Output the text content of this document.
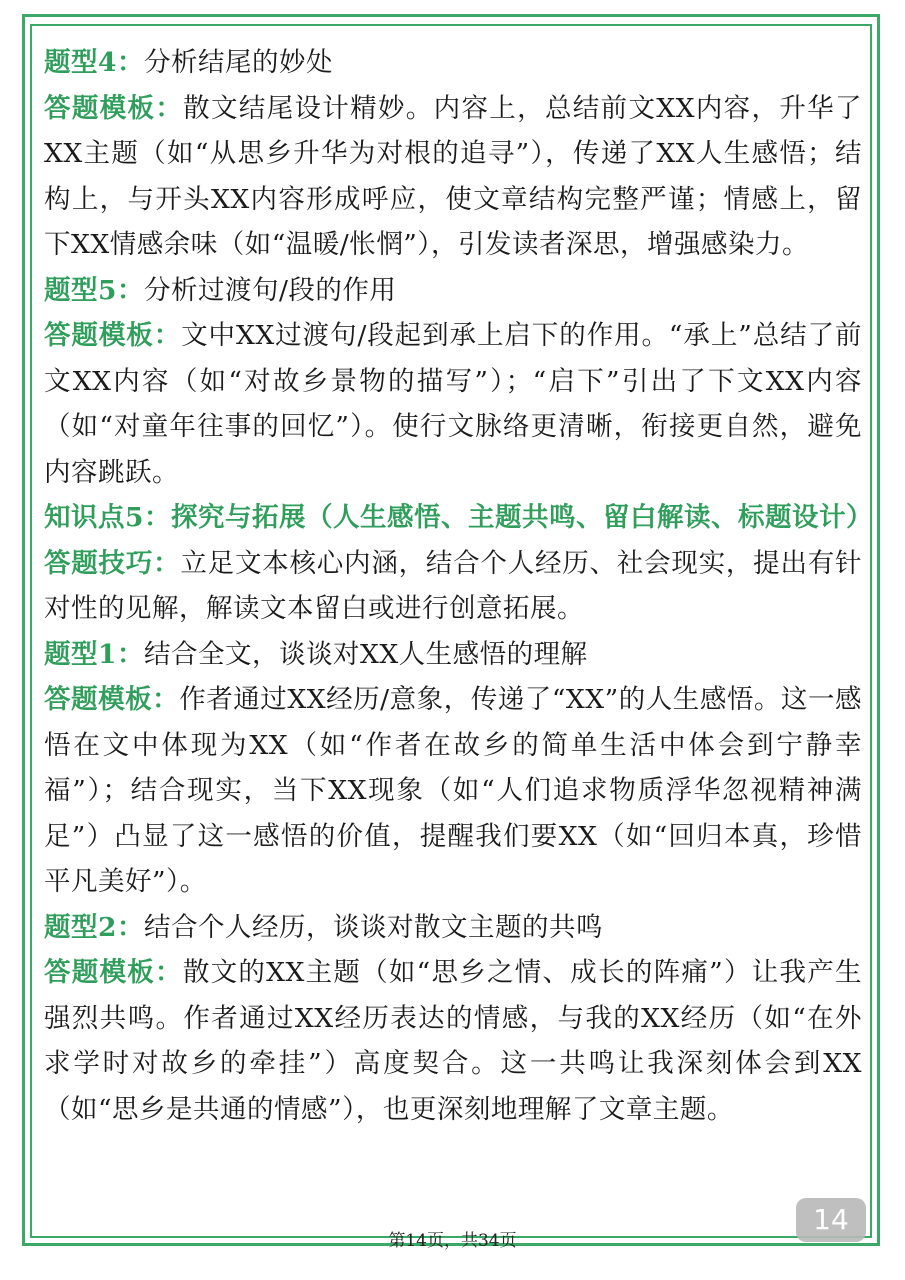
题型4：分析结尾的妙处

答题模板：散文结尾设计精妙。内容上，总结前文XX内容，升华了XX主题（如“从思乡升华为对根的追寻”），传递了XX人生感悟；结构上，与开头XX内容形成呼应，使文章结构完整严谨；情感上，留下XX情感余味（如“温暖/怅惘”），引发读者深思，增强感染力。

题型5：分析过渡句/段的作用

答题模板：文中XX过渡句/段起到承上启下的作用。“承上”总结了前文XX内容（如“对故乡景物的描写”）；“启下”引出了下文XX内容（如“对童年往事的回忆”）。使行文脉络更清晰，衔接更自然，避免内容跳跃。

知识点5：探究与拓展（人生感悟、主题共鸣、留白解读、标题设计）

答题技巧：立足文本核心内涵，结合个人经历、社会现实，提出有针对性的见解，解读文本留白或进行创意拓展。

题型1：结合全文，谈谈对XX人生感悟的理解

答题模板：作者通过XX经历/意象，传递了“XX”的人生感悟。这一感悟在文中体现为XX（如“作者在故乡的简单生活中体会到宁静幸福”）；结合现实，当下XX现象（如“人们追求物质浮华忽视精神满足”）凸显了这一感悟的价值，提醒我们要XX（如“回归本真，珍惜平凡美好”）。

题型2：结合个人经历，谈谈对散文主题的共鸣

答题模板：散文的XX主题（如“思乡之情、成长的阵痛”）让我产生强烈共鸣。作者通过XX经历表达的情感，与我的XX经历（如“在外求学时对故乡的牵挂”）高度契合。这一共鸣让我深刻体会到XX（如“思乡是共通的情感”），也更深刻地理解了文章主题。

14
第14页，共34页
